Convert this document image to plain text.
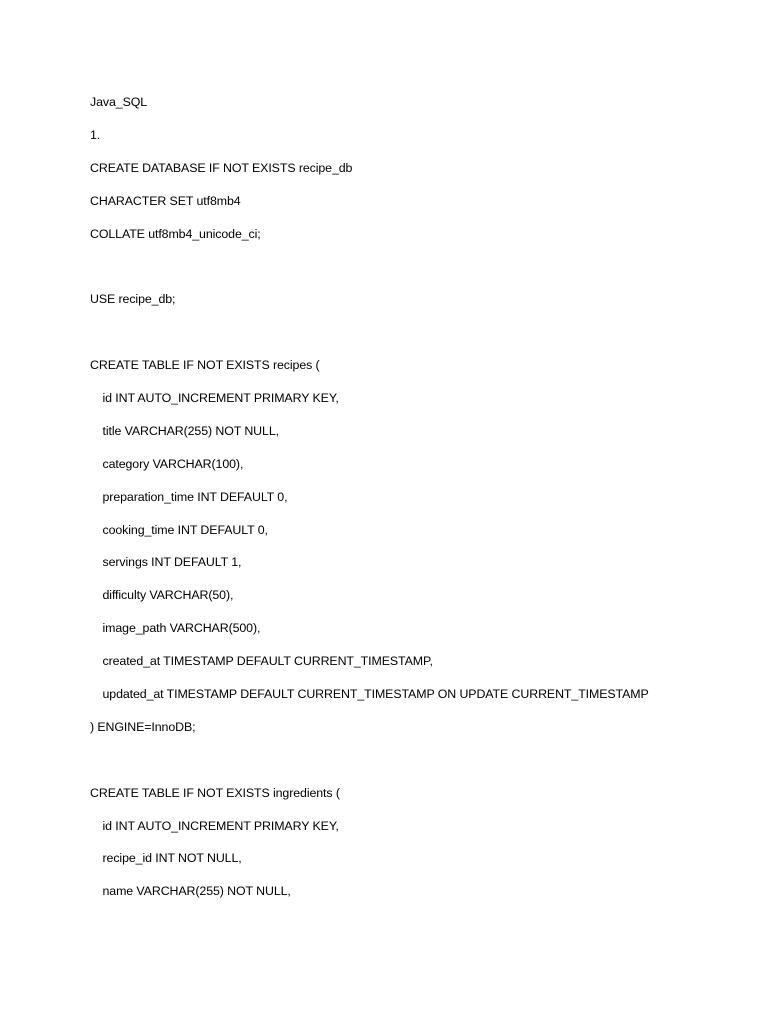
Java_SQL
1.
CREATE DATABASE IF NOT EXISTS recipe_db
CHARACTER SET utf8mb4
COLLATE utf8mb4_unicode_ci;
USE recipe_db;
CREATE TABLE IF NOT EXISTS recipes (
id INT AUTO_INCREMENT PRIMARY KEY,
title VARCHAR(255) NOT NULL,
category VARCHAR(100),
preparation_time INT DEFAULT 0,
cooking_time INT DEFAULT 0,
servings INT DEFAULT 1,
difficulty VARCHAR(50),
image_path VARCHAR(500),
created_at TIMESTAMP DEFAULT CURRENT_TIMESTAMP,
updated_at TIMESTAMP DEFAULT CURRENT_TIMESTAMP ON UPDATE CURRENT_TIMESTAMP
) ENGINE=InnoDB;
CREATE TABLE IF NOT EXISTS ingredients (
id INT AUTO_INCREMENT PRIMARY KEY,
recipe_id INT NOT NULL,
name VARCHAR(255) NOT NULL,
